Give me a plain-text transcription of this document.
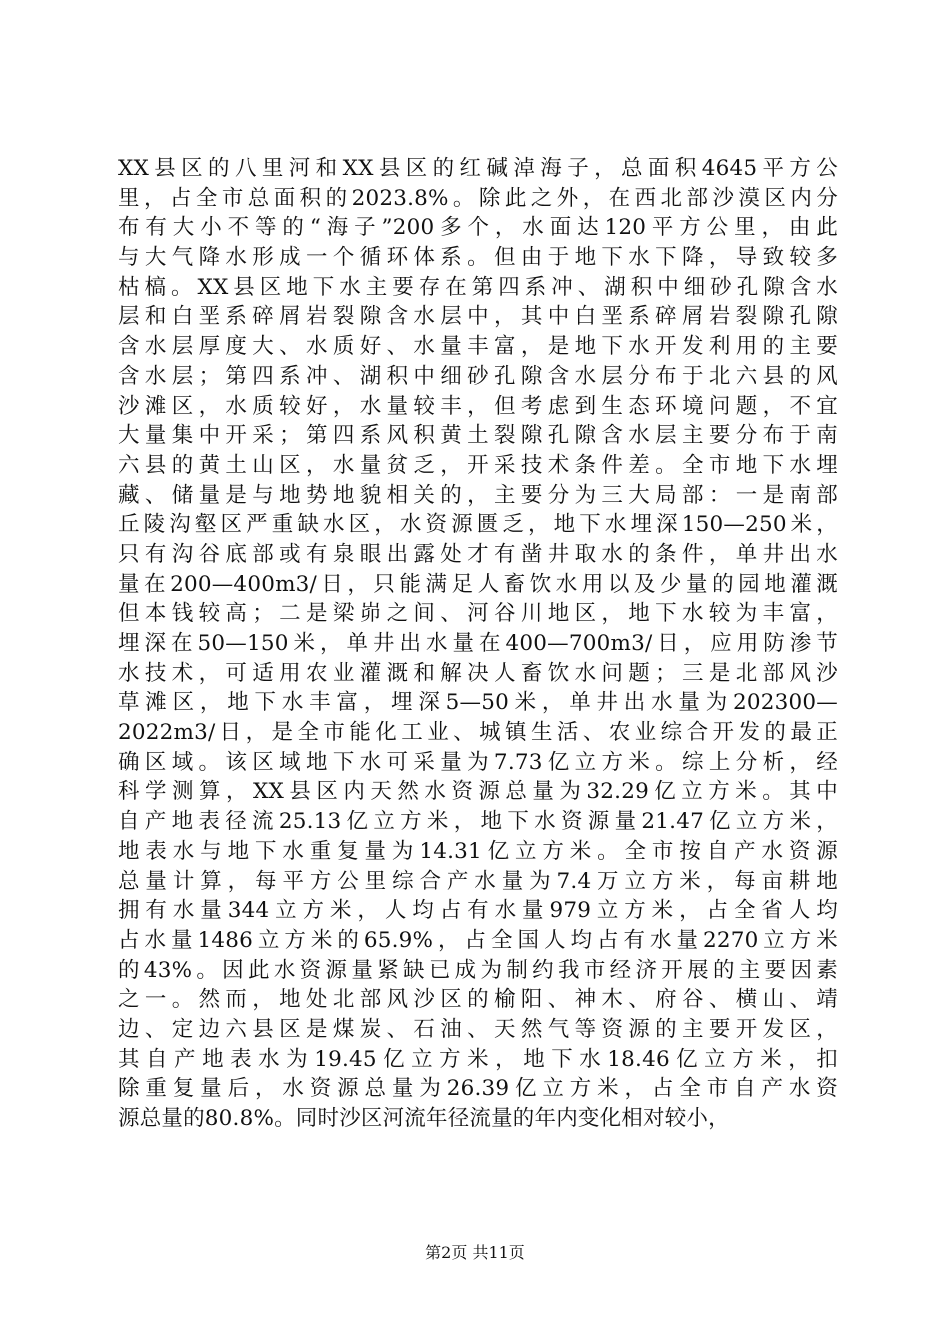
XX县区的八里河和XX县区的红碱淖海子，总面积4645平方公
里，占全市总面积的2023.8%。除此之外，在西北部沙漠区内分
布有大小不等的“海子”200多个，水面达120平方公里，由此
与大气降水形成一个循环体系。但由于地下水下降，导致较多
枯槁。XX县区地下水主要存在第四系冲、湖积中细砂孔隙含水
层和白垩系碎屑岩裂隙含水层中，其中白垩系碎屑岩裂隙孔隙
含水层厚度大、水质好、水量丰富，是地下水开发利用的主要
含水层；第四系冲、湖积中细砂孔隙含水层分布于北六县的风
沙滩区，水质较好，水量较丰，但考虑到生态环境问题，不宜
大量集中开采；第四系风积黄土裂隙孔隙含水层主要分布于南
六县的黄土山区，水量贫乏，开采技术条件差。全市地下水埋
藏、储量是与地势地貌相关的，主要分为三大局部：一是南部
丘陵沟壑区严重缺水区，水资源匮乏，地下水埋深150—250米，
只有沟谷底部或有泉眼出露处才有凿井取水的条件，单井出水
量在200—400m3/日，只能满足人畜饮水用以及少量的园地灌溉
但本钱较高；二是梁峁之间、河谷川地区，地下水较为丰富，
埋深在50—150米，单井出水量在400—700m3/日，应用防渗节
水技术，可适用农业灌溉和解决人畜饮水问题；三是北部风沙
草滩区，地下水丰富，埋深5—50米，单井出水量为202300—
2022m3/日，是全市能化工业、城镇生活、农业综合开发的最正
确区域。该区域地下水可采量为7.73亿立方米。综上分析，经
科学测算，XX县区内天然水资源总量为32.29亿立方米。其中
自产地表径流25.13亿立方米，地下水资源量21.47亿立方米，
地表水与地下水重复量为14.31亿立方米。全市按自产水资源
总量计算，每平方公里综合产水量为7.4万立方米，每亩耕地
拥有水量344立方米，人均占有水量979立方米，占全省人均
占水量1486立方米的65.9%，占全国人均占有水量2270立方米
的43%。因此水资源量紧缺已成为制约我市经济开展的主要因素
之一。然而，地处北部风沙区的榆阳、神木、府谷、横山、靖
边、定边六县区是煤炭、石油、天然气等资源的主要开发区，
其自产地表水为19.45亿立方米，地下水18.46亿立方米，扣
除重复量后，水资源总量为26.39亿立方米，占全市自产水资
源总量的80.8%。同时沙区河流年径流量的年内变化相对较小，
第2页 共11页
